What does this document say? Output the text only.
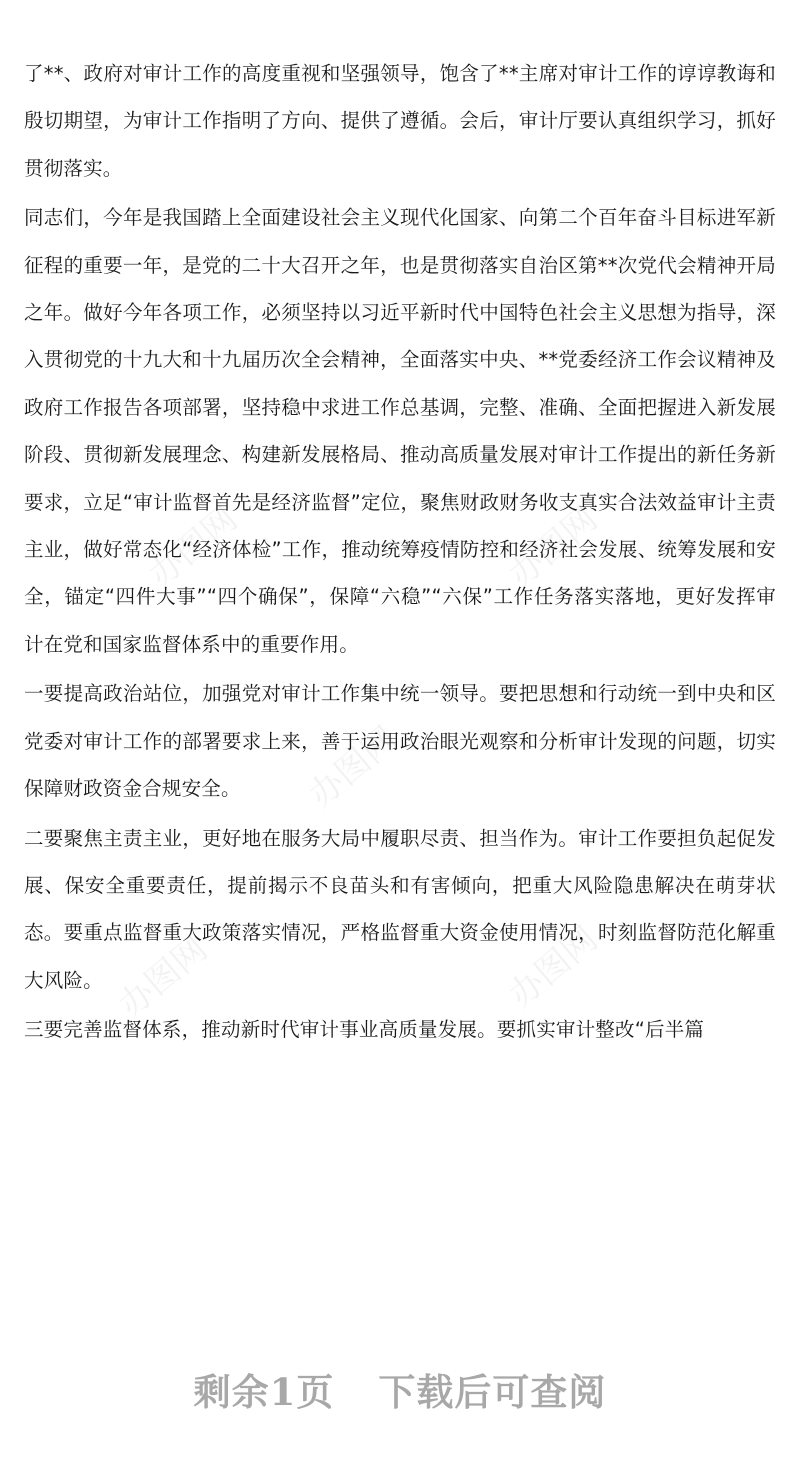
办图网	办图网
办图网
办图网	办图网

了**、政府对审计工作的高度重视和坚强领导，饱含了**主席对审计工作的谆谆教诲和殷切期望，为审计工作指明了方向、提供了遵循。会后，审计厅要认真组织学习，抓好贯彻落实。

同志们，今年是我国踏上全面建设社会主义现代化国家、向第二个百年奋斗目标进军新征程的重要一年，是党的二十大召开之年，也是贯彻落实自治区第**次党代会精神开局之年。做好今年各项工作，必须坚持以习近平新时代中国特色社会主义思想为指导，深入贯彻党的十九大和十九届历次全会精神，全面落实中央、**党委经济工作会议精神及政府工作报告各项部署，坚持稳中求进工作总基调，完整、准确、全面把握进入新发展阶段、贯彻新发展理念、构建新发展格局、推动高质量发展对审计工作提出的新任务新要求，立足“审计监督首先是经济监督”定位，聚焦财政财务收支真实合法效益审计主责主业，做好常态化“经济体检”工作，推动统筹疫情防控和经济社会发展、统筹发展和安全，锚定“四件大事”“四个确保”，保障“六稳”“六保”工作任务落实落地，更好发挥审计在党和国家监督体系中的重要作用。

一要提高政治站位，加强党对审计工作集中统一领导。要把思想和行动统一到中央和区党委对审计工作的部署要求上来，善于运用政治眼光观察和分析审计发现的问题，切实保障财政资金合规安全。

二要聚焦主责主业，更好地在服务大局中履职尽责、担当作为。审计工作要担负起促发展、保安全重要责任，提前揭示不良苗头和有害倾向，把重大风险隐患解决在萌芽状态。要重点监督重大政策落实情况，严格监督重大资金使用情况，时刻监督防范化解重大风险。

三要完善监督体系，推动新时代审计事业高质量发展。要抓实审计整改“后半篇

剩余1页 下载后可查阅
